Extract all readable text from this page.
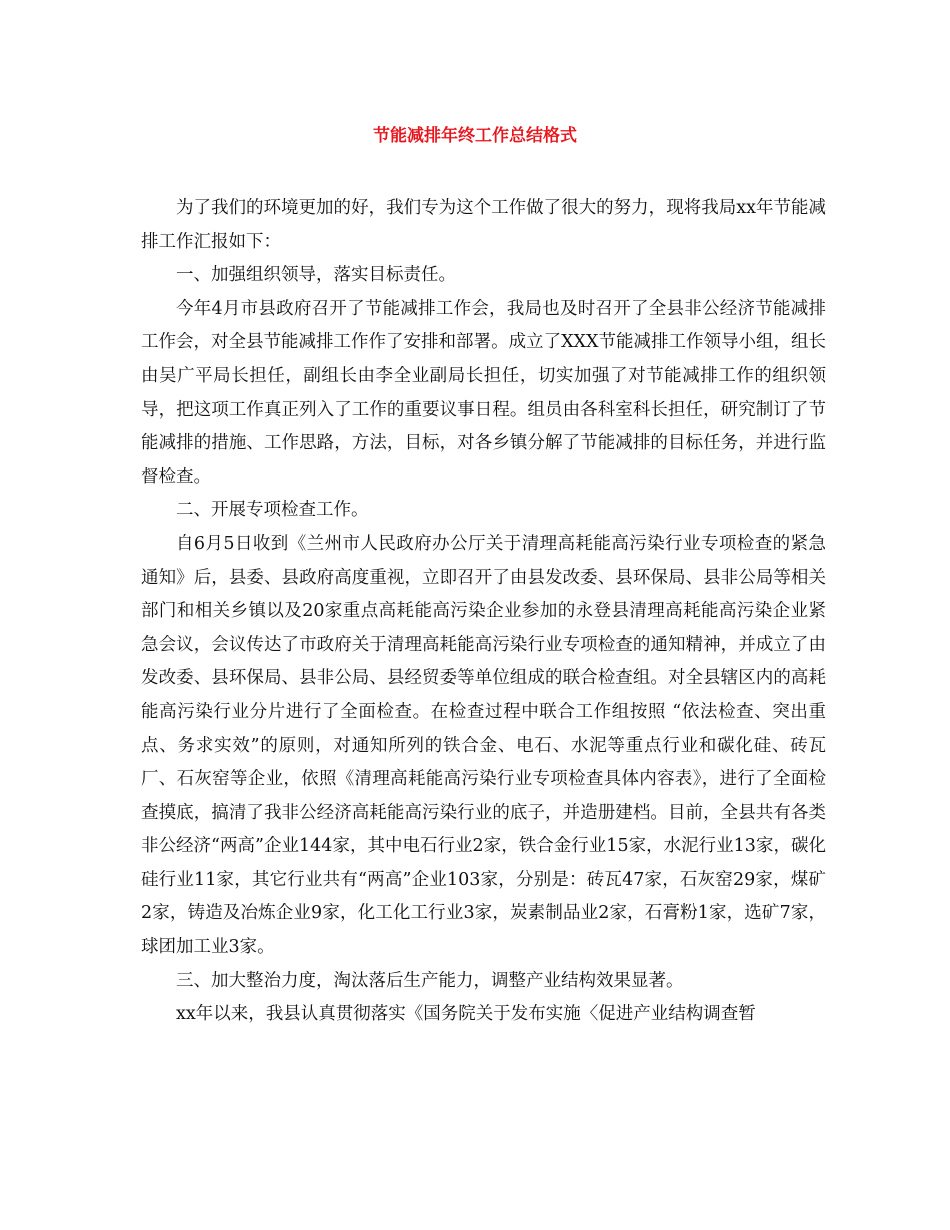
节能减排年终工作总结格式

为了我们的环境更加的好，我们专为这个工作做了很大的努力，现将我局xx年节能减排工作汇报如下：

一、加强组织领导，落实目标责任。

今年4月市县政府召开了节能减排工作会，我局也及时召开了全县非公经济节能减排工作会，对全县节能减排工作作了安排和部署。成立了XXX节能减排工作领导小组，组长由吴广平局长担任，副组长由李全业副局长担任，切实加强了对节能减排工作的组织领导，把这项工作真正列入了工作的重要议事日程。组员由各科室科长担任，研究制订了节能减排的措施、工作思路，方法，目标，对各乡镇分解了节能减排的目标任务，并进行监督检查。

二、开展专项检查工作。

自6月5日收到《兰州市人民政府办公厅关于清理高耗能高污染行业专项检查的紧急通知》后，县委、县政府高度重视，立即召开了由县发改委、县环保局、县非公局等相关部门和相关乡镇以及20家重点高耗能高污染企业参加的永登县清理高耗能高污染企业紧急会议，会议传达了市政府关于清理高耗能高污染行业专项检查的通知精神，并成立了由发改委、县环保局、县非公局、县经贸委等单位组成的联合检查组。对全县辖区内的高耗能高污染行业分片进行了全面检查。在检查过程中联合工作组按照 “依法检查、突出重点、务求实效”的原则，对通知所列的铁合金、电石、水泥等重点行业和碳化硅、砖瓦厂、石灰窑等企业，依照《清理高耗能高污染行业专项检查具体内容表》，进行了全面检查摸底，搞清了我非公经济高耗能高污染行业的底子，并造册建档。目前，全县共有各类非公经济“两高”企业144家，其中电石行业2家，铁合金行业15家，水泥行业13家，碳化硅行业11家，其它行业共有“两高”企业103家，分别是：砖瓦47家，石灰窑29家，煤矿2家，铸造及冶炼企业9家，化工化工行业3家，炭素制品业2家，石膏粉1家，选矿7家，球团加工业3家。

三、加大整治力度，淘汰落后生产能力，调整产业结构效果显著。

xx年以来，我县认真贯彻落实《国务院关于发布实施〈促进产业结构调查暂
